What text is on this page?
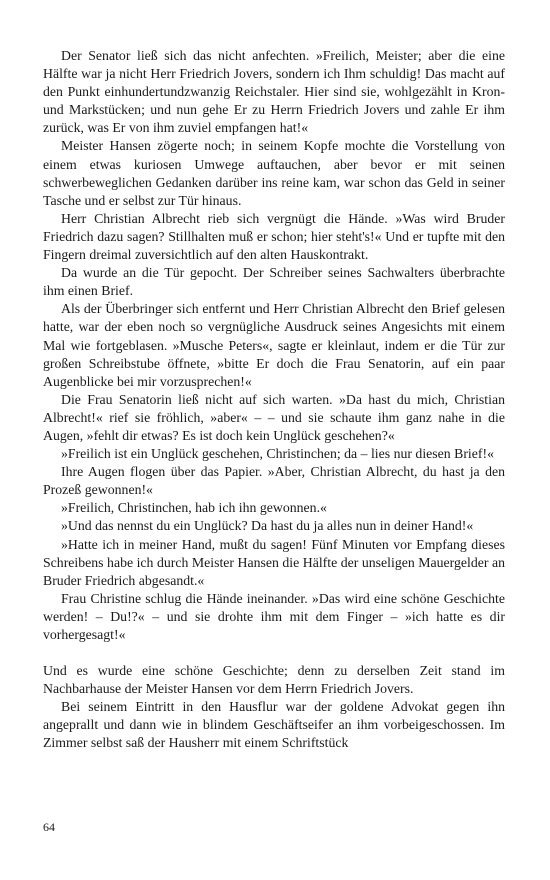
Der Senator ließ sich das nicht anfechten. »Freilich, Meister; aber die eine Hälfte war ja nicht Herr Friedrich Jovers, sondern ich Ihm schuldig! Das macht auf den Punkt einhundertundzwanzig Reichstaler. Hier sind sie, wohlgezählt in Kron- und Markstücken; und nun gehe Er zu Herrn Friedrich Jovers und zahle Er ihm zurück, was Er von ihm zuviel empfangen hat!«

Meister Hansen zögerte noch; in seinem Kopfe mochte die Vorstellung von einem etwas kuriosen Umwege auftauchen, aber bevor er mit seinen schwerbeweglichen Gedanken darüber ins reine kam, war schon das Geld in seiner Tasche und er selbst zur Tür hinaus.

Herr Christian Albrecht rieb sich vergnügt die Hände. »Was wird Bruder Friedrich dazu sagen? Stillhalten muß er schon; hier steht's!« Und er tupfte mit den Fingern dreimal zuversichtlich auf den alten Hauskontrakt.

Da wurde an die Tür gepocht. Der Schreiber seines Sachwalters überbrachte ihm einen Brief.

Als der Überbringer sich entfernt und Herr Christian Albrecht den Brief gelesen hatte, war der eben noch so vergnügliche Ausdruck seines Angesichts mit einem Mal wie fortgeblasen. »Musche Peters«, sagte er kleinlaut, indem er die Tür zur großen Schreibstube öffnete, »bitte Er doch die Frau Senatorin, auf ein paar Augenblicke bei mir vorzusprechen!«

Die Frau Senatorin ließ nicht auf sich warten. »Da hast du mich, Christian Albrecht!« rief sie fröhlich, »aber« – – und sie schaute ihm ganz nahe in die Augen, »fehlt dir etwas? Es ist doch kein Unglück geschehen?«

»Freilich ist ein Unglück geschehen, Christinchen; da – lies nur diesen Brief!«

Ihre Augen flogen über das Papier. »Aber, Christian Albrecht, du hast ja den Prozeß gewonnen!«

»Freilich, Christinchen, hab ich ihn gewonnen.«

»Und das nennst du ein Unglück? Da hast du ja alles nun in deiner Hand!«

»Hatte ich in meiner Hand, mußt du sagen! Fünf Minuten vor Empfang dieses Schreibens habe ich durch Meister Hansen die Hälfte der unseligen Mauergelder an Bruder Friedrich abgesandt.«

Frau Christine schlug die Hände ineinander. »Das wird eine schöne Geschichte werden! – Du!?« – und sie drohte ihm mit dem Finger – »ich hatte es dir vorhergesagt!«

Und es wurde eine schöne Geschichte; denn zu derselben Zeit stand im Nachbarhause der Meister Hansen vor dem Herrn Friedrich Jovers.

Bei seinem Eintritt in den Hausflur war der goldene Advokat gegen ihn angeprallt und dann wie in blindem Geschäftseifer an ihm vorbeigeschossen. Im Zimmer selbst saß der Hausherr mit einem Schriftstück

64
